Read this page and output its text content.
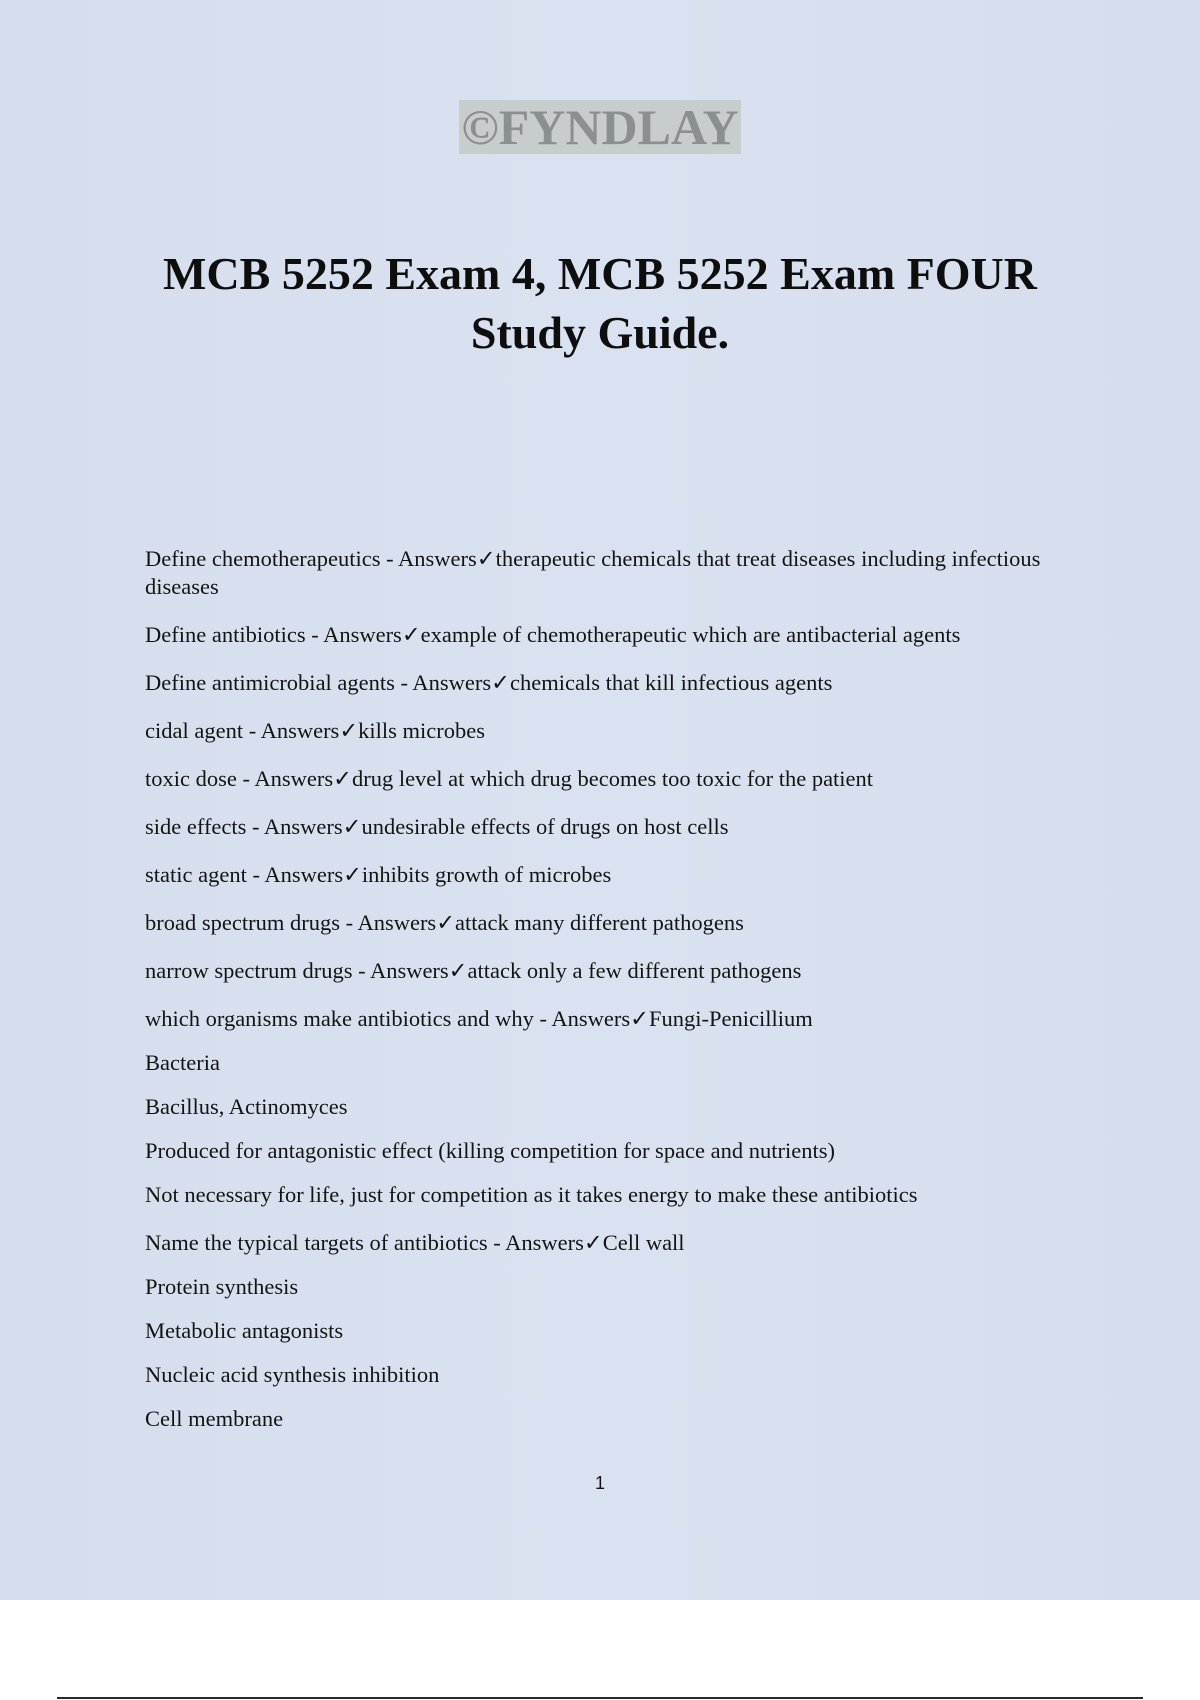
©FYNDLAY
MCB 5252 Exam 4, MCB 5252 Exam FOUR Study Guide.

Define chemotherapeutics - Answers✓therapeutic chemicals that treat diseases including infectious diseases

Define antibiotics - Answers✓example of chemotherapeutic which are antibacterial agents

Define antimicrobial agents - Answers✓chemicals that kill infectious agents

cidal agent - Answers✓kills microbes

toxic dose - Answers✓drug level at which drug becomes too toxic for the patient

side effects - Answers✓undesirable effects of drugs on host cells

static agent - Answers✓inhibits growth of microbes

broad spectrum drugs - Answers✓attack many different pathogens

narrow spectrum drugs - Answers✓attack only a few different pathogens

which organisms make antibiotics and why - Answers✓Fungi-Penicillium

Bacteria

Bacillus, Actinomyces

Produced for antagonistic effect (killing competition for space and nutrients)

Not necessary for life, just for competition as it takes energy to make these antibiotics

Name the typical targets of antibiotics - Answers✓Cell wall

Protein synthesis

Metabolic antagonists

Nucleic acid synthesis inhibition

Cell membrane

1
